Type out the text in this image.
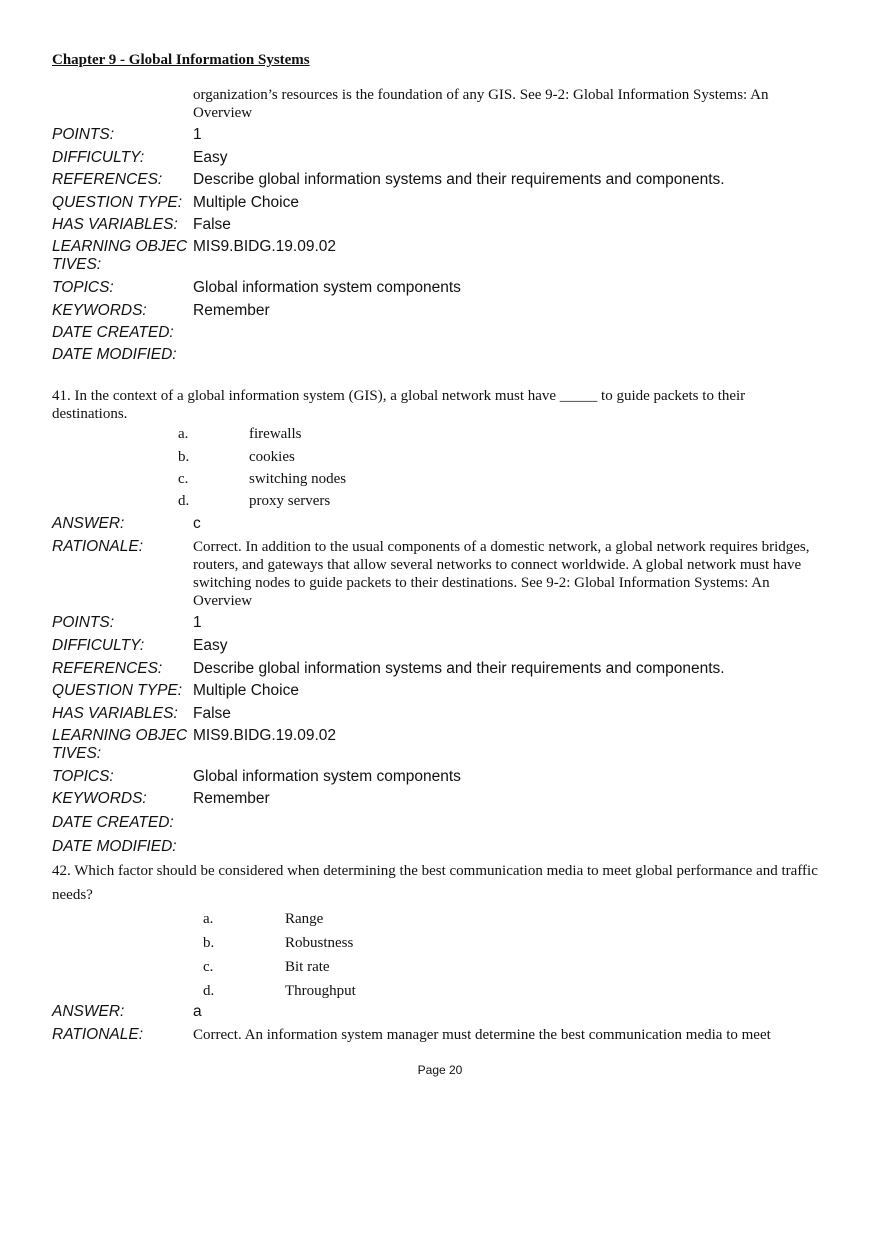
Chapter 9 - Global Information Systems
organization’s resources is the foundation of any GIS. See 9-2: Global Information Systems: An Overview
POINTS:	1
DIFFICULTY:	Easy
REFERENCES: Describe global information systems and their requirements and components.
QUESTION TYPE: Multiple Choice
HAS VARIABLES: False
LEARNING OBJEC
TIVES:
MIS9.BIDG.19.09.02
TOPICS:	Global information system components
KEYWORDS:	Remember
DATE CREATED:
DATE MODIFIED:
41. In the context of a global information system (GIS), a global network must have _____ to guide packets to their destinations.
a.	firewalls
b.	cookies
c.	switching nodes
d.	proxy servers
ANSWER:	c
RATIONALE:	Correct. In addition to the usual components of a domestic network, a global network requires bridges, routers, and gateways that allow several networks to connect worldwide. A global network must have switching nodes to guide packets to their destinations. See 9-2: Global Information Systems: An Overview
POINTS:	1
DIFFICULTY:	Easy
REFERENCES: Describe global information systems and their requirements and components.
QUESTION TYPE: Multiple Choice
HAS VARIABLES: False
LEARNING OBJEC
TIVES:
MIS9.BIDG.19.09.02
TOPICS:	Global information system components
KEYWORDS:	Remember
DATE CREATED:
DATE MODIFIED:
42. Which factor should be considered when determining the best communication media to meet global performance and traffic needs?
a.	Range
b.	Robustness
c.	Bit rate
d.	Throughput
ANSWER:	a
RATIONALE:	Correct. An information system manager must determine the best communication media to meet
Page 20
